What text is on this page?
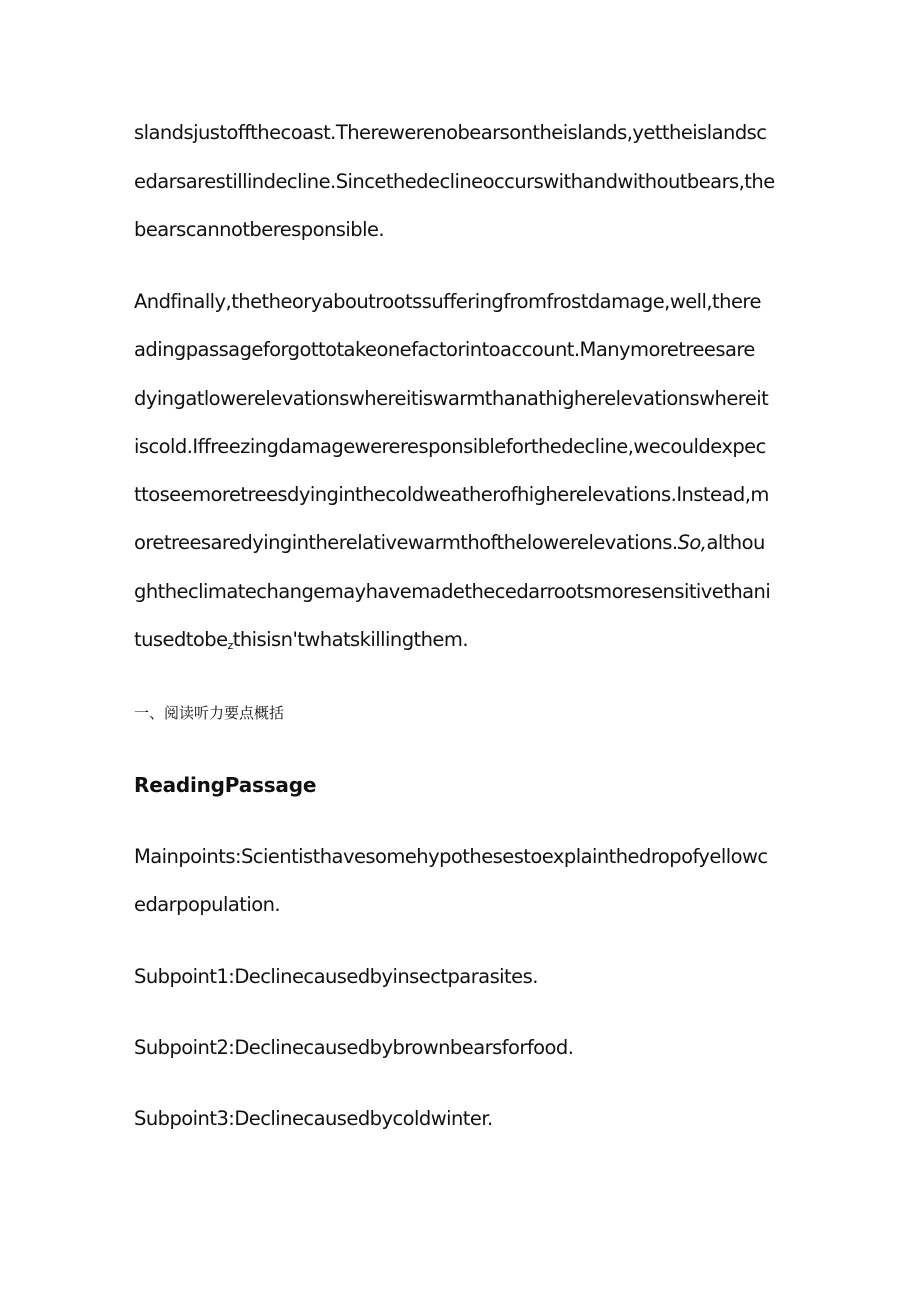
slandsjustoffthecoast.Therewerenobearsontheislands,yettheislandsc
edarsarestillindecline.Sincethedeclineoccurswithandwithoutbears,the
bearscannotberesponsible.
Andfinally,thetheoryaboutrootssufferingfromfrostdamage,well,there
adingpassageforgottotakeonefactorintoaccount.Manymoretreesare
dyingatlowerelevationswhereitiswarmthanathigherelevationswhereit
iscold.Iffreezingdamagewereresponsibleforthedecline,wecouldexpec
ttoseemoretreesdyinginthecoldweatherofhigherelevations.Instead,m
oretreesaredyingintherelativewarmthofthelowerelevations.So,althou
ghtheclimatechangemayhavemadethecedarrootsmoresensitivethani
tusedtobe$_z$thisisn'twhatskillingthem.
一、阅读听力要点概括
ReadingPassage
Mainpoints:Scientisthavesomehypothesestoexplainthedropofyellowc
edarpopulation.
Subpoint1:Declinecausedbyinsectparasites.
Subpoint2:Declinecausedbybrownbearsforfood.
Subpoint3:Declinecausedbycoldwinter.
